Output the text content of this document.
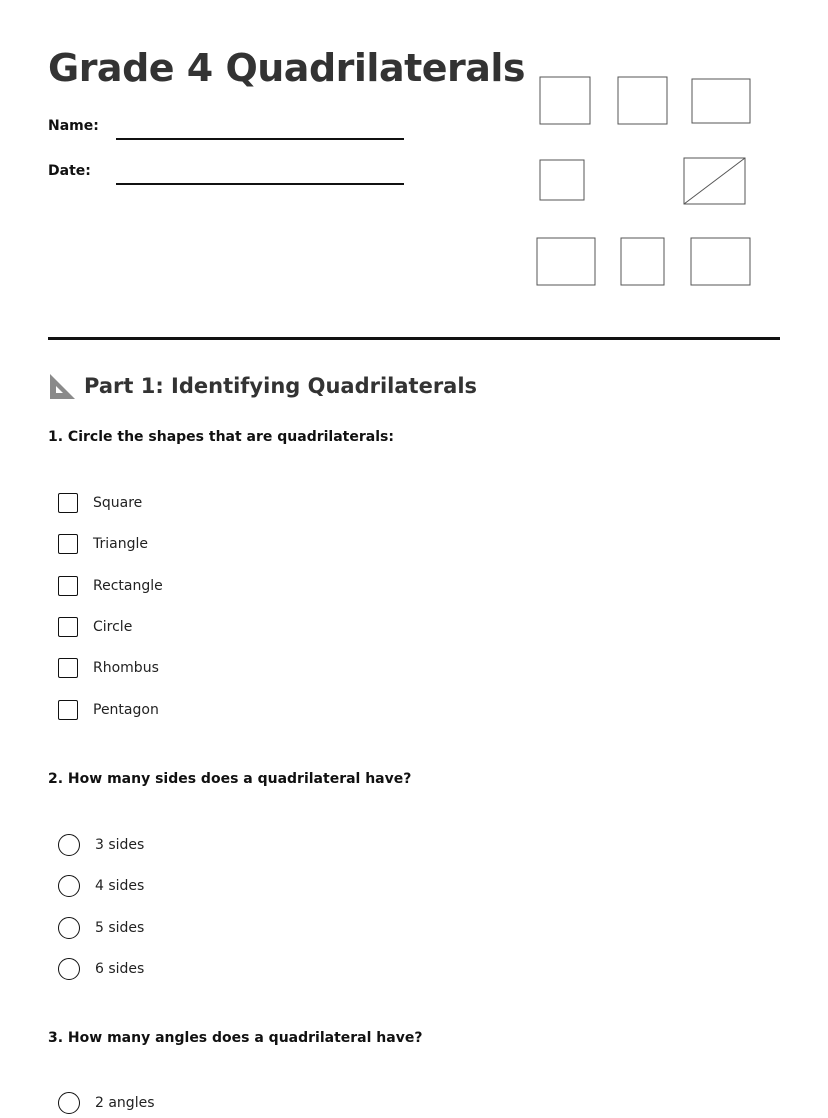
Grade 4 Quadrilaterals
Name:
Date:
Part 1: Identifying Quadrilaterals
1. Circle the shapes that are quadrilaterals:
Square
Triangle
Rectangle
Circle
Rhombus
Pentagon
2. How many sides does a quadrilateral have?
3 sides
4 sides
5 sides
6 sides
3. How many angles does a quadrilateral have?
2 angles
